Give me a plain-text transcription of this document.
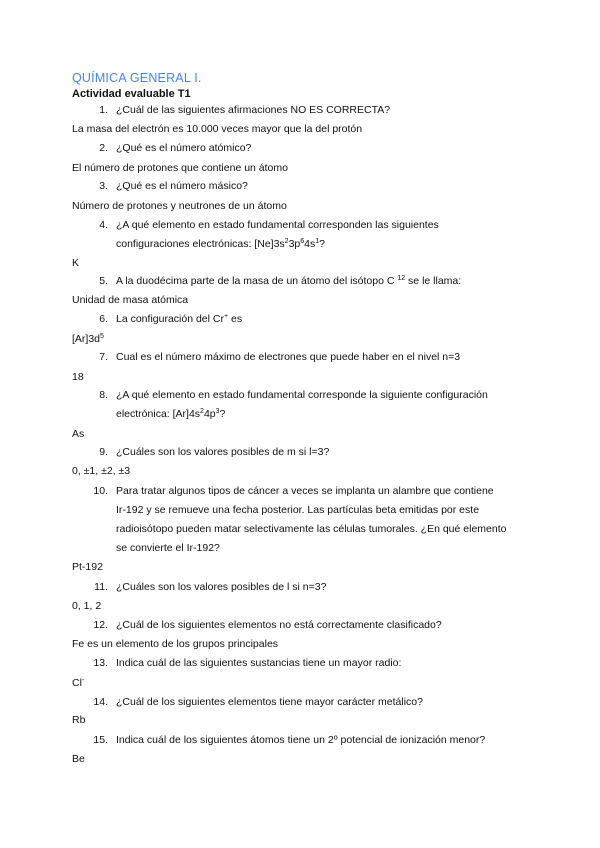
QUÍMICA GENERAL I.
Actividad evaluable T1
1. ¿Cuál de las siguientes afirmaciones NO ES CORRECTA?
La masa del electrón es 10.000 veces mayor que la del protón
2. ¿Qué es el número atómico?
El número de protones que contiene un átomo
3. ¿Qué es el número másico?
Número de protones y neutrones de un átomo
4. ¿A qué elemento en estado fundamental corresponden las siguientes
configuraciones electrónicas: $[Ne]3s^23p^64s^1$?
K
5. A la duodécima parte de la masa de un átomo del isótopo C $^{12}$ se le llama:
Unidad de masa atómica
6. La configuración del Cr+ es
$[Ar]3d^5$
7. Cual es el número máximo de electrones que puede haber en el nivel n=3
18
8. ¿A qué elemento en estado fundamental corresponde la siguiente configuración
electrónica: $[Ar]4s^24p^3$?
As
9. ¿Cuáles son los valores posibles de m si l=3?
0, ±1, ±2, ±3
10. Para tratar algunos tipos de cáncer a veces se implanta un alambre que contiene
Ir-192 y se remueve una fecha posterior. Las partículas beta emitidas por este
radioisótopo pueden matar selectivamente las células tumorales. ¿En qué elemento
se convierte el Ir-192?
Pt-192
11. ¿Cuáles son los valores posibles de l si n=3?
0, 1, 2
12. ¿Cuál de los siguientes elementos no está correctamente clasificado?
Fe es un elemento de los grupos principales
13. Indica cuál de las siguientes sustancias tiene un mayor radio:
Cl-
14. ¿Cuál de los siguientes elementos tiene mayor carácter metálico?
Rb
15. Indica cuál de los siguientes átomos tiene un 2º potencial de ionización menor?
Be
